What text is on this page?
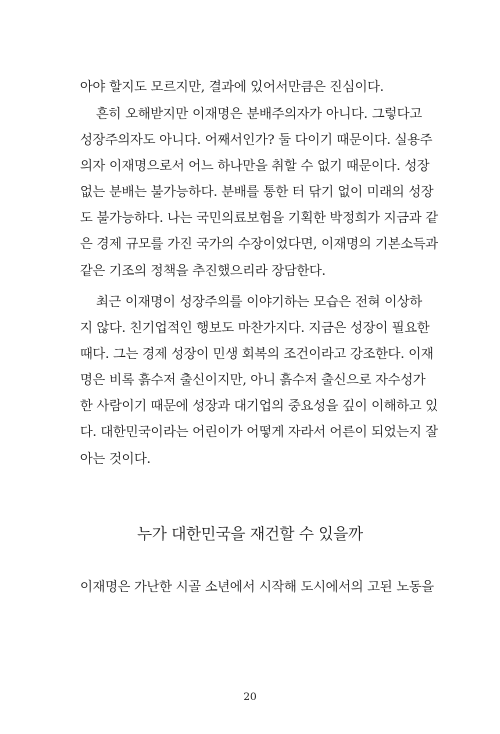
아야 할지도 모르지만, 결과에 있어서만큼은 진심이다.
흔히 오해받지만 이재명은 분배주의자가 아니다. 그렇다고
성장주의자도 아니다. 어째서인가? 둘 다이기 때문이다. 실용주
의자 이재명으로서 어느 하나만을 취할 수 없기 때문이다. 성장
없는 분배는 불가능하다. 분배를 통한 터 닦기 없이 미래의 성장
도 불가능하다. 나는 국민의료보험을 기획한 박정희가 지금과 같
은 경제 규모를 가진 국가의 수장이었다면, 이재명의 기본소득과
같은 기조의 정책을 추진했으리라 장담한다.
최근 이재명이 성장주의를 이야기하는 모습은 전혀 이상하
지 않다. 친기업적인 행보도 마찬가지다. 지금은 성장이 필요한
때다. 그는 경제 성장이 민생 회복의 조건이라고 강조한다. 이재
명은 비록 흙수저 출신이지만, 아니 흙수저 출신으로 자수성가
한 사람이기 때문에 성장과 대기업의 중요성을 깊이 이해하고 있
다. 대한민국이라는 어린이가 어떻게 자라서 어른이 되었는지 잘
아는 것이다.
누가 대한민국을 재건할 수 있을까
이재명은 가난한 시골 소년에서 시작해 도시에서의 고된 노동을
20
